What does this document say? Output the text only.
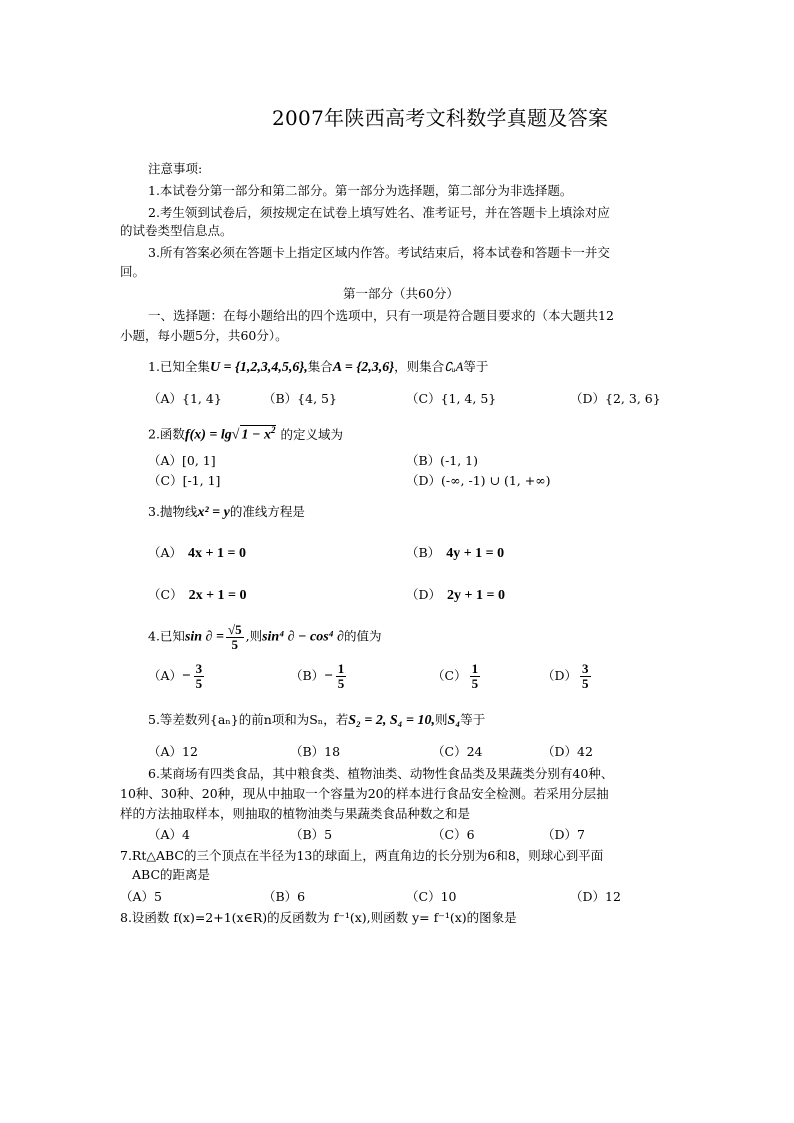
2007年陕西高考文科数学真题及答案
注意事项:
1.本试卷分第一部分和第二部分。第一部分为选择题，第二部分为非选择题。
2.考生领到试卷后，须按规定在试卷上填写姓名、准考证号，并在答题卡上填涂对应
的试卷类型信息点。
3.所有答案必须在答题卡上指定区域内作答。考试结束后，将本试卷和答题卡一并交
回。
第一部分（共60分）
一、选择题：在每小题给出的四个选项中，只有一项是符合题目要求的（本大题共12
小题，每小题5分，共60分）。
1.已知全集U = {1,2,3,4,5,6},集合A = {2,3,6}，则集合∁ᵤA等于
（A）{1, 4}	（B）{4, 5}	（C）{1, 4, 5}	（D）{2, 3, 6}
2.函数f(x) = lg√ $1 - x^2$ 的定义域为
（A）[0, 1]	（B）(-1, 1)
（C）[-1, 1]	（D）(-∞, -1) ∪ (1, +∞)
3.抛物线x² = y的准线方程是
（A） 4x + 1 = 0	（B） 4y + 1 = 0
（C） 2x + 1 = 0	（D） 2y + 1 = 0
4.已知sin ∂ = $\frac{√5}{5}$ ,则sin⁴ ∂ − cos⁴ ∂的值为
$(A)- \frac{3}{5}$	$(B)- \frac{1}{5}$	$(C) \frac{1}{5}$	$(D) \frac{3}{5}$
5.等差数列{aₙ}的前n项和为Sₙ，若S₂ = 2, S₄ = 10,则S₄等于
（A）12	（B）18	（C）24	（D）42
6.某商场有四类食品，其中粮食类、植物油类、动物性食品类及果蔬类分别有40种、
10种、30种、20种，现从中抽取一个容量为20的样本进行食品安全检测。若采用分层抽
样的方法抽取样本，则抽取的植物油类与果蔬类食品种数之和是
（A）4	（B）5	（C）6	（D）7
7.Rt△ABC的三个顶点在半径为13的球面上，两直角边的长分别为6和8，则球心到平面
ABC的距离是
（A）5	（B）6	（C）10	（D）12
8.设函数 f(x)=2+1(x∈R)的反函数为 f⁻¹(x),则函数 y= f⁻¹(x)的图象是
